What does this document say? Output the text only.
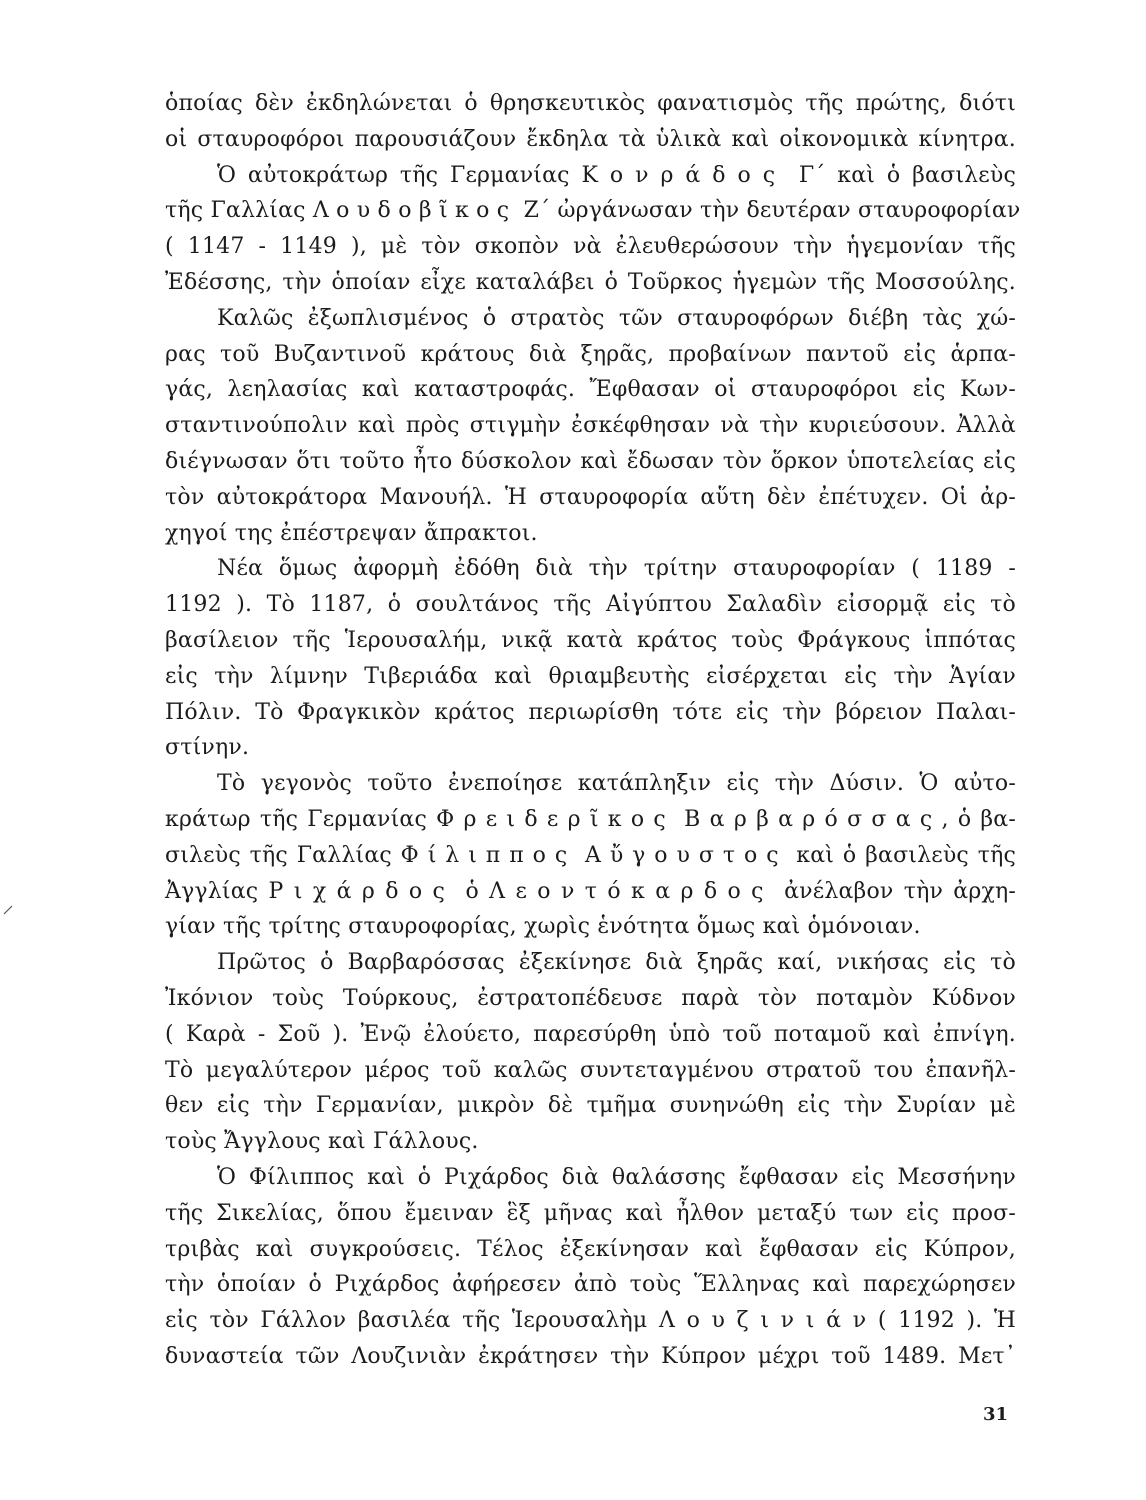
ὁποίας δὲν ἐκδηλώνεται ὁ θρησκευτικὸς φανατισμὸς τῆς πρώτης, διότι
οἱ σταυροφόροι παρουσιάζουν ἔκδηλα τὰ ὑλικὰ καὶ οἰκονομικὰ κίνητρα.
Ὁ αὐτοκράτωρ τῆς Γερμανίας Κ ο ν ρ ά δ ο ς  Γ΄ καὶ ὁ βασιλεὺς
τῆς Γαλλίας Λ ο υ δ ο β ῖ κ ο ς  Ζ΄ ὠργάνωσαν τὴν δευτέραν σταυροφορίαν
( 1147 - 1149 ), μὲ τὸν σκοπὸν νὰ ἐλευθερώσουν τὴν ἡγεμονίαν τῆς
Ἐδέσσης, τὴν ὁποίαν εἶχε καταλάβει ὁ Τοῦρκος ἡγεμὼν τῆς Μοσσούλης.
Καλῶς ἐξωπλισμένος ὁ στρατὸς τῶν σταυροφόρων διέβη τὰς χώ-
ρας τοῦ Βυζαντινοῦ κράτους διὰ ξηρᾶς, προβαίνων παντοῦ εἰς ἁρπα-
γάς, λεηλασίας καὶ καταστροφάς. Ἔφθασαν οἱ σταυροφόροι εἰς Κων-
σταντινούπολιν καὶ πρὸς στιγμὴν ἐσκέφθησαν νὰ τὴν κυριεύσουν. Ἀλλὰ
διέγνωσαν ὅτι τοῦτο ἦτο δύσκολον καὶ ἔδωσαν τὸν ὅρκον ὑποτελείας εἰς
τὸν αὐτοκράτορα Μανουήλ. Ἡ σταυροφορία αὕτη δὲν ἐπέτυχεν. Οἱ ἀρ-
χηγοί της ἐπέστρεψαν ἄπρακτοι.
Νέα ὅμως ἀφορμὴ ἐδόθη διὰ τὴν τρίτην σταυροφορίαν ( 1189 -
1192 ). Τὸ 1187, ὁ σουλτάνος τῆς Αἰγύπτου Σαλαδὶν εἰσορμᾷ εἰς τὸ
βασίλειον τῆς Ἱερουσαλήμ, νικᾷ κατὰ κράτος τοὺς Φράγκους ἱππότας
εἰς τὴν λίμνην Τιβεριάδα καὶ θριαμβευτὴς εἰσέρχεται εἰς τὴν Ἁγίαν
Πόλιν. Τὸ Φραγκικὸν κράτος περιωρίσθη τότε εἰς τὴν βόρειον Παλαι-
στίνην.
Τὸ γεγονὸς τοῦτο ἐνεποίησε κατάπληξιν εἰς τὴν Δύσιν. Ὁ αὐτο-
κράτωρ τῆς Γερμανίας Φ ρ ε ι δ ε ρ ῖ κ ο ς  Β α ρ β α ρ ό σ σ α ς , ὁ βα-
σιλεὺς τῆς Γαλλίας Φ ί λ ι π π ο ς  Α ὔ γ ο υ σ τ ο ς  καὶ ὁ βασιλεὺς τῆς
Ἀγγλίας Ρ ι χ ά ρ δ ο ς  ὁ Λ ε ο ν τ ό κ α ρ δ ο ς  ἀνέλαβον τὴν ἀρχη-
γίαν τῆς τρίτης σταυροφορίας, χωρὶς ἑνότητα ὅμως καὶ ὁμόνοιαν.
Πρῶτος ὁ Βαρβαρόσσας ἐξεκίνησε διὰ ξηρᾶς καί, νικήσας εἰς τὸ
Ἰκόνιον τοὺς Τούρκους, ἐστρατοπέδευσε παρὰ τὸν ποταμὸν Κύδνον
( Καρὰ - Σοῦ ). Ἐνῷ ἐλούετο, παρεσύρθη ὑπὸ τοῦ ποταμοῦ καὶ ἐπνίγη.
Τὸ μεγαλύτερον μέρος τοῦ καλῶς συντεταγμένου στρατοῦ του ἐπανῆλ-
θεν εἰς τὴν Γερμανίαν, μικρὸν δὲ τμῆμα συνηνώθη εἰς τὴν Συρίαν μὲ
τοὺς Ἄγγλους καὶ Γάλλους.
Ὁ Φίλιππος καὶ ὁ Ριχάρδος διὰ θαλάσσης ἔφθασαν εἰς Μεσσήνην
τῆς Σικελίας, ὅπου ἔμειναν ἓξ μῆνας καὶ ἦλθον μεταξύ των εἰς προσ-
τριβὰς καὶ συγκρούσεις. Τέλος ἐξεκίνησαν καὶ ἔφθασαν εἰς Κύπρον,
τὴν ὁποίαν ὁ Ριχάρδος ἀφήρεσεν ἀπὸ τοὺς Ἕλληνας καὶ παρεχώρησεν
εἰς τὸν Γάλλον βασιλέα τῆς Ἱερουσαλὴμ Λ ο υ ζ ι ν ι ά ν ( 1192 ). Ἡ
δυναστεία τῶν Λουζινιὰν ἐκράτησεν τὴν Κύπρον μέχρι τοῦ 1489. Μετ᾽
31
